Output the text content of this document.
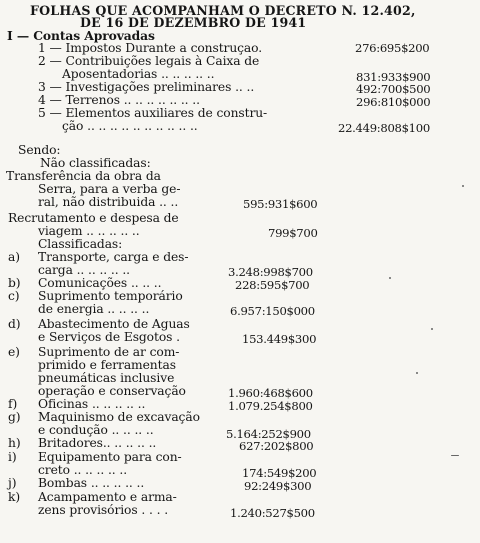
FOLHAS QUE ACOMPANHAM O DECRETO N. 12.402,
DE 16 DE DEZEMBRO DE 1941
I — Contas Aprovadas
1 — Impostos Durante a construçao.	276:695$200
2 — Contribuições legais à Caixa de
Aposentadorias .. .. .. .. ..	831:933$900
3 — Investigações preliminares .. ..	492:700$500
4 — Terrenos .. .. .. .. .. .. ..	296:810$000
5 — Elementos auxiliares de constru-
ção .. .. .. .. .. .. .. .. .. ..	22.449:808$100
Sendo:
Não classificadas:
Transferência da obra da
Serra, para a verba ge-
ral, não distribuida .. ..	595:931$600
Recrutamento e despesa de
viagem .. .. .. .. ..	799$700
Classificadas:
a) Transporte, carga e des-
carga .. .. .. .. ..	3.248:998$700
b) Comunicações .. .. ..	228:595$700
c) Suprimento temporário
de energia .. .. .. ..	6.957:150$000
d) Abastecimento de Aguas
e Serviços de Esgotos .	153.449$300
e) Suprimento de ar com-
primido e ferramentas
pneumáticas inclusive
operação e conservação	1.960:468$600
f) Oficinas .. .. .. .. ..	1.079.254$800
g) Maquinismo de excavação
e condução .. .. .. ..	5.164:252$900
h) Britadores.. .. .. .. ..	627:202$800
i) Equipamento para con-
creto .. .. .. .. ..	174:549$200
j) Bombas .. .. .. .. ..	92:249$300
k) Acampamento e arma-
zens provisórios . . . .	1.240:527$500
